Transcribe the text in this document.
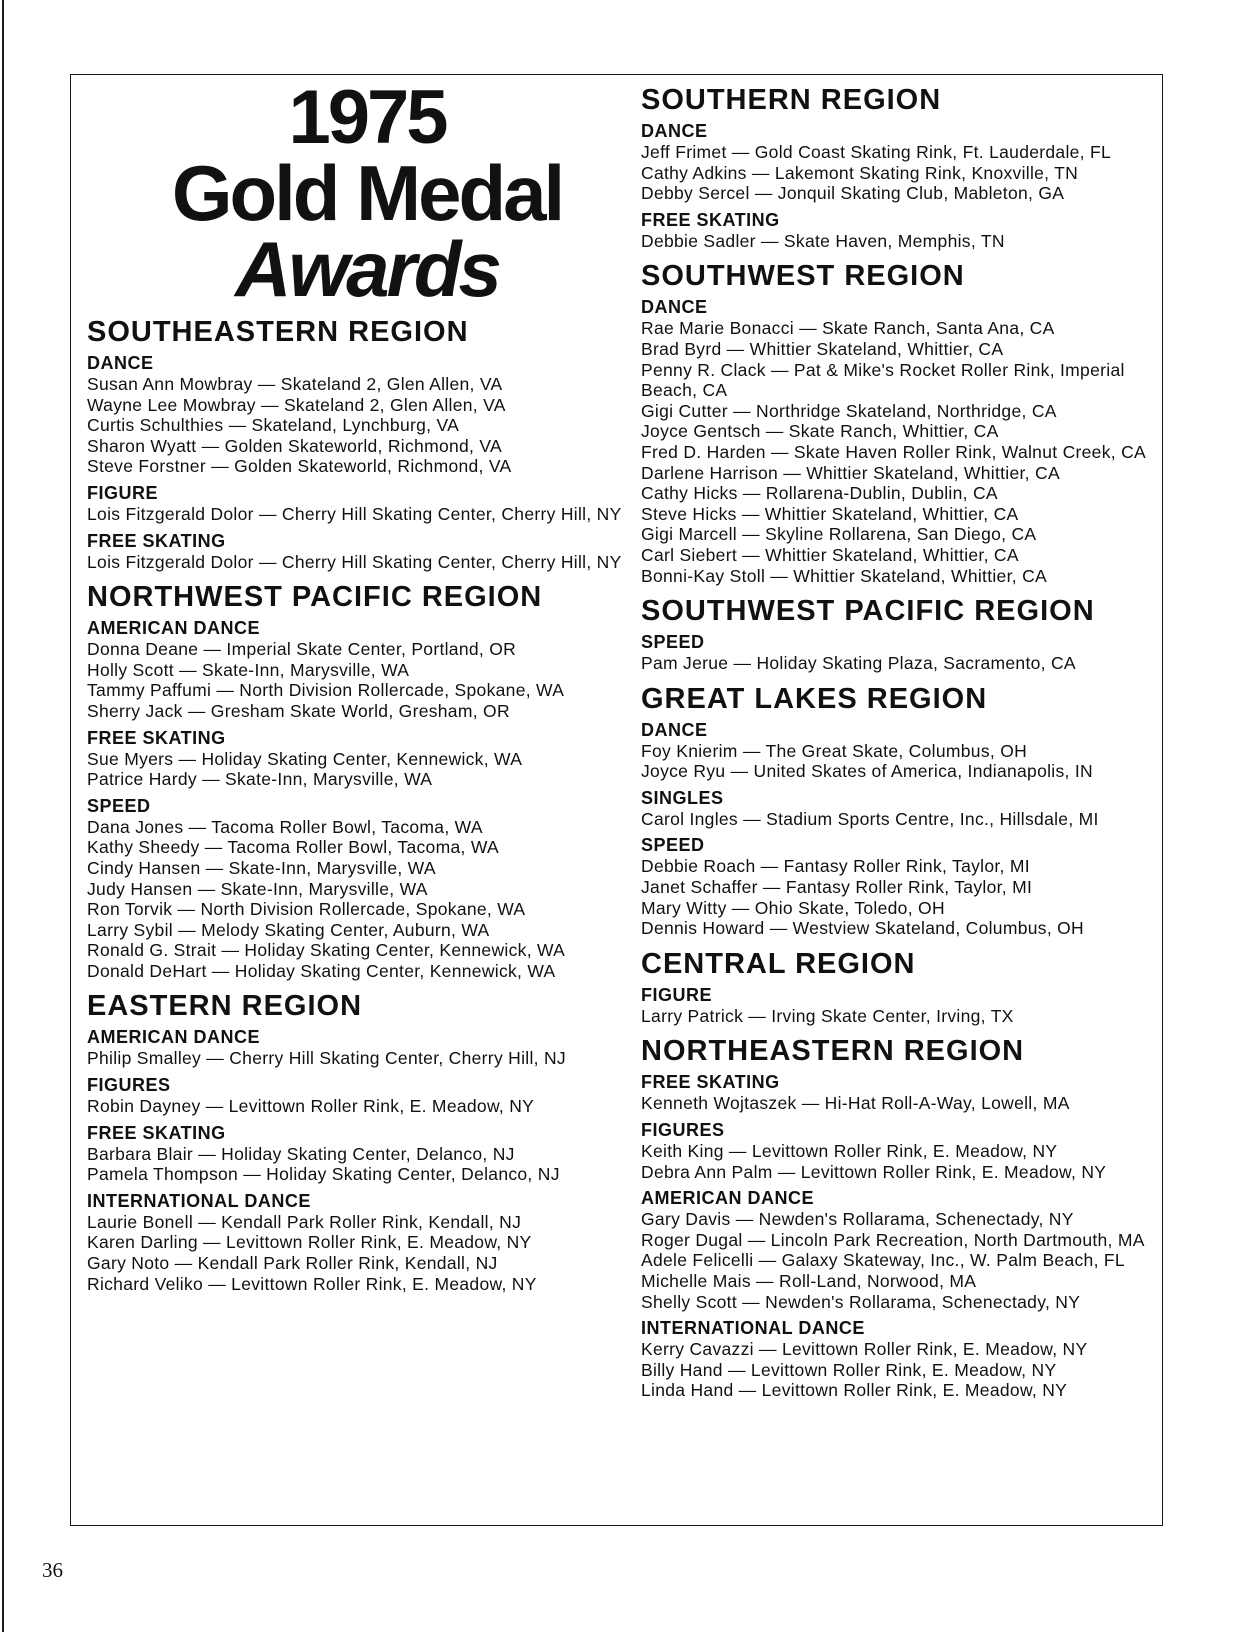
1975
Gold Medal
Awards
SOUTHEASTERN REGION
DANCE
Susan Ann Mowbray — Skateland 2, Glen Allen, VA
Wayne Lee Mowbray — Skateland 2, Glen Allen, VA
Curtis Schulthies — Skateland, Lynchburg, VA
Sharon Wyatt — Golden Skateworld, Richmond, VA
Steve Forstner — Golden Skateworld, Richmond, VA
FIGURE
Lois Fitzgerald Dolor — Cherry Hill Skating Center, Cherry Hill, NY
FREE SKATING
Lois Fitzgerald Dolor — Cherry Hill Skating Center, Cherry Hill, NY
NORTHWEST PACIFIC REGION
AMERICAN DANCE
Donna Deane — Imperial Skate Center, Portland, OR
Holly Scott — Skate-Inn, Marysville, WA
Tammy Paffumi — North Division Rollercade, Spokane, WA
Sherry Jack — Gresham Skate World, Gresham, OR
FREE SKATING
Sue Myers — Holiday Skating Center, Kennewick, WA
Patrice Hardy — Skate-Inn, Marysville, WA
SPEED
Dana Jones — Tacoma Roller Bowl, Tacoma, WA
Kathy Sheedy — Tacoma Roller Bowl, Tacoma, WA
Cindy Hansen — Skate-Inn, Marysville, WA
Judy Hansen — Skate-Inn, Marysville, WA
Ron Torvik — North Division Rollercade, Spokane, WA
Larry Sybil — Melody Skating Center, Auburn, WA
Ronald G. Strait — Holiday Skating Center, Kennewick, WA
Donald DeHart — Holiday Skating Center, Kennewick, WA
EASTERN REGION
AMERICAN DANCE
Philip Smalley — Cherry Hill Skating Center, Cherry Hill, NJ
FIGURES
Robin Dayney — Levittown Roller Rink, E. Meadow, NY
FREE SKATING
Barbara Blair — Holiday Skating Center, Delanco, NJ
Pamela Thompson — Holiday Skating Center, Delanco, NJ
INTERNATIONAL DANCE
Laurie Bonell — Kendall Park Roller Rink, Kendall, NJ
Karen Darling — Levittown Roller Rink, E. Meadow, NY
Gary Noto — Kendall Park Roller Rink, Kendall, NJ
Richard Veliko — Levittown Roller Rink, E. Meadow, NY
SOUTHERN REGION
DANCE
Jeff Frimet — Gold Coast Skating Rink, Ft. Lauderdale, FL
Cathy Adkins — Lakemont Skating Rink, Knoxville, TN
Debby Sercel — Jonquil Skating Club, Mableton, GA
FREE SKATING
Debbie Sadler — Skate Haven, Memphis, TN
SOUTHWEST REGION
DANCE
Rae Marie Bonacci — Skate Ranch, Santa Ana, CA
Brad Byrd — Whittier Skateland, Whittier, CA
Penny R. Clack — Pat & Mike's Rocket Roller Rink, Imperial Beach, CA
Gigi Cutter — Northridge Skateland, Northridge, CA
Joyce Gentsch — Skate Ranch, Whittier, CA
Fred D. Harden — Skate Haven Roller Rink, Walnut Creek, CA
Darlene Harrison — Whittier Skateland, Whittier, CA
Cathy Hicks — Rollarena-Dublin, Dublin, CA
Steve Hicks — Whittier Skateland, Whittier, CA
Gigi Marcell — Skyline Rollarena, San Diego, CA
Carl Siebert — Whittier Skateland, Whittier, CA
Bonni-Kay Stoll — Whittier Skateland, Whittier, CA
SOUTHWEST PACIFIC REGION
SPEED
Pam Jerue — Holiday Skating Plaza, Sacramento, CA
GREAT LAKES REGION
DANCE
Foy Knierim — The Great Skate, Columbus, OH
Joyce Ryu — United Skates of America, Indianapolis, IN
SINGLES
Carol Ingles — Stadium Sports Centre, Inc., Hillsdale, MI
SPEED
Debbie Roach — Fantasy Roller Rink, Taylor, MI
Janet Schaffer — Fantasy Roller Rink, Taylor, MI
Mary Witty — Ohio Skate, Toledo, OH
Dennis Howard — Westview Skateland, Columbus, OH
CENTRAL REGION
FIGURE
Larry Patrick — Irving Skate Center, Irving, TX
NORTHEASTERN REGION
FREE SKATING
Kenneth Wojtaszek — Hi-Hat Roll-A-Way, Lowell, MA
FIGURES
Keith King — Levittown Roller Rink, E. Meadow, NY
Debra Ann Palm — Levittown Roller Rink, E. Meadow, NY
AMERICAN DANCE
Gary Davis — Newden's Rollarama, Schenectady, NY
Roger Dugal — Lincoln Park Recreation, North Dartmouth, MA
Adele Felicelli — Galaxy Skateway, Inc., W. Palm Beach, FL
Michelle Mais — Roll-Land, Norwood, MA
Shelly Scott — Newden's Rollarama, Schenectady, NY
INTERNATIONAL DANCE
Kerry Cavazzi — Levittown Roller Rink, E. Meadow, NY
Billy Hand — Levittown Roller Rink, E. Meadow, NY
Linda Hand — Levittown Roller Rink, E. Meadow, NY
36
